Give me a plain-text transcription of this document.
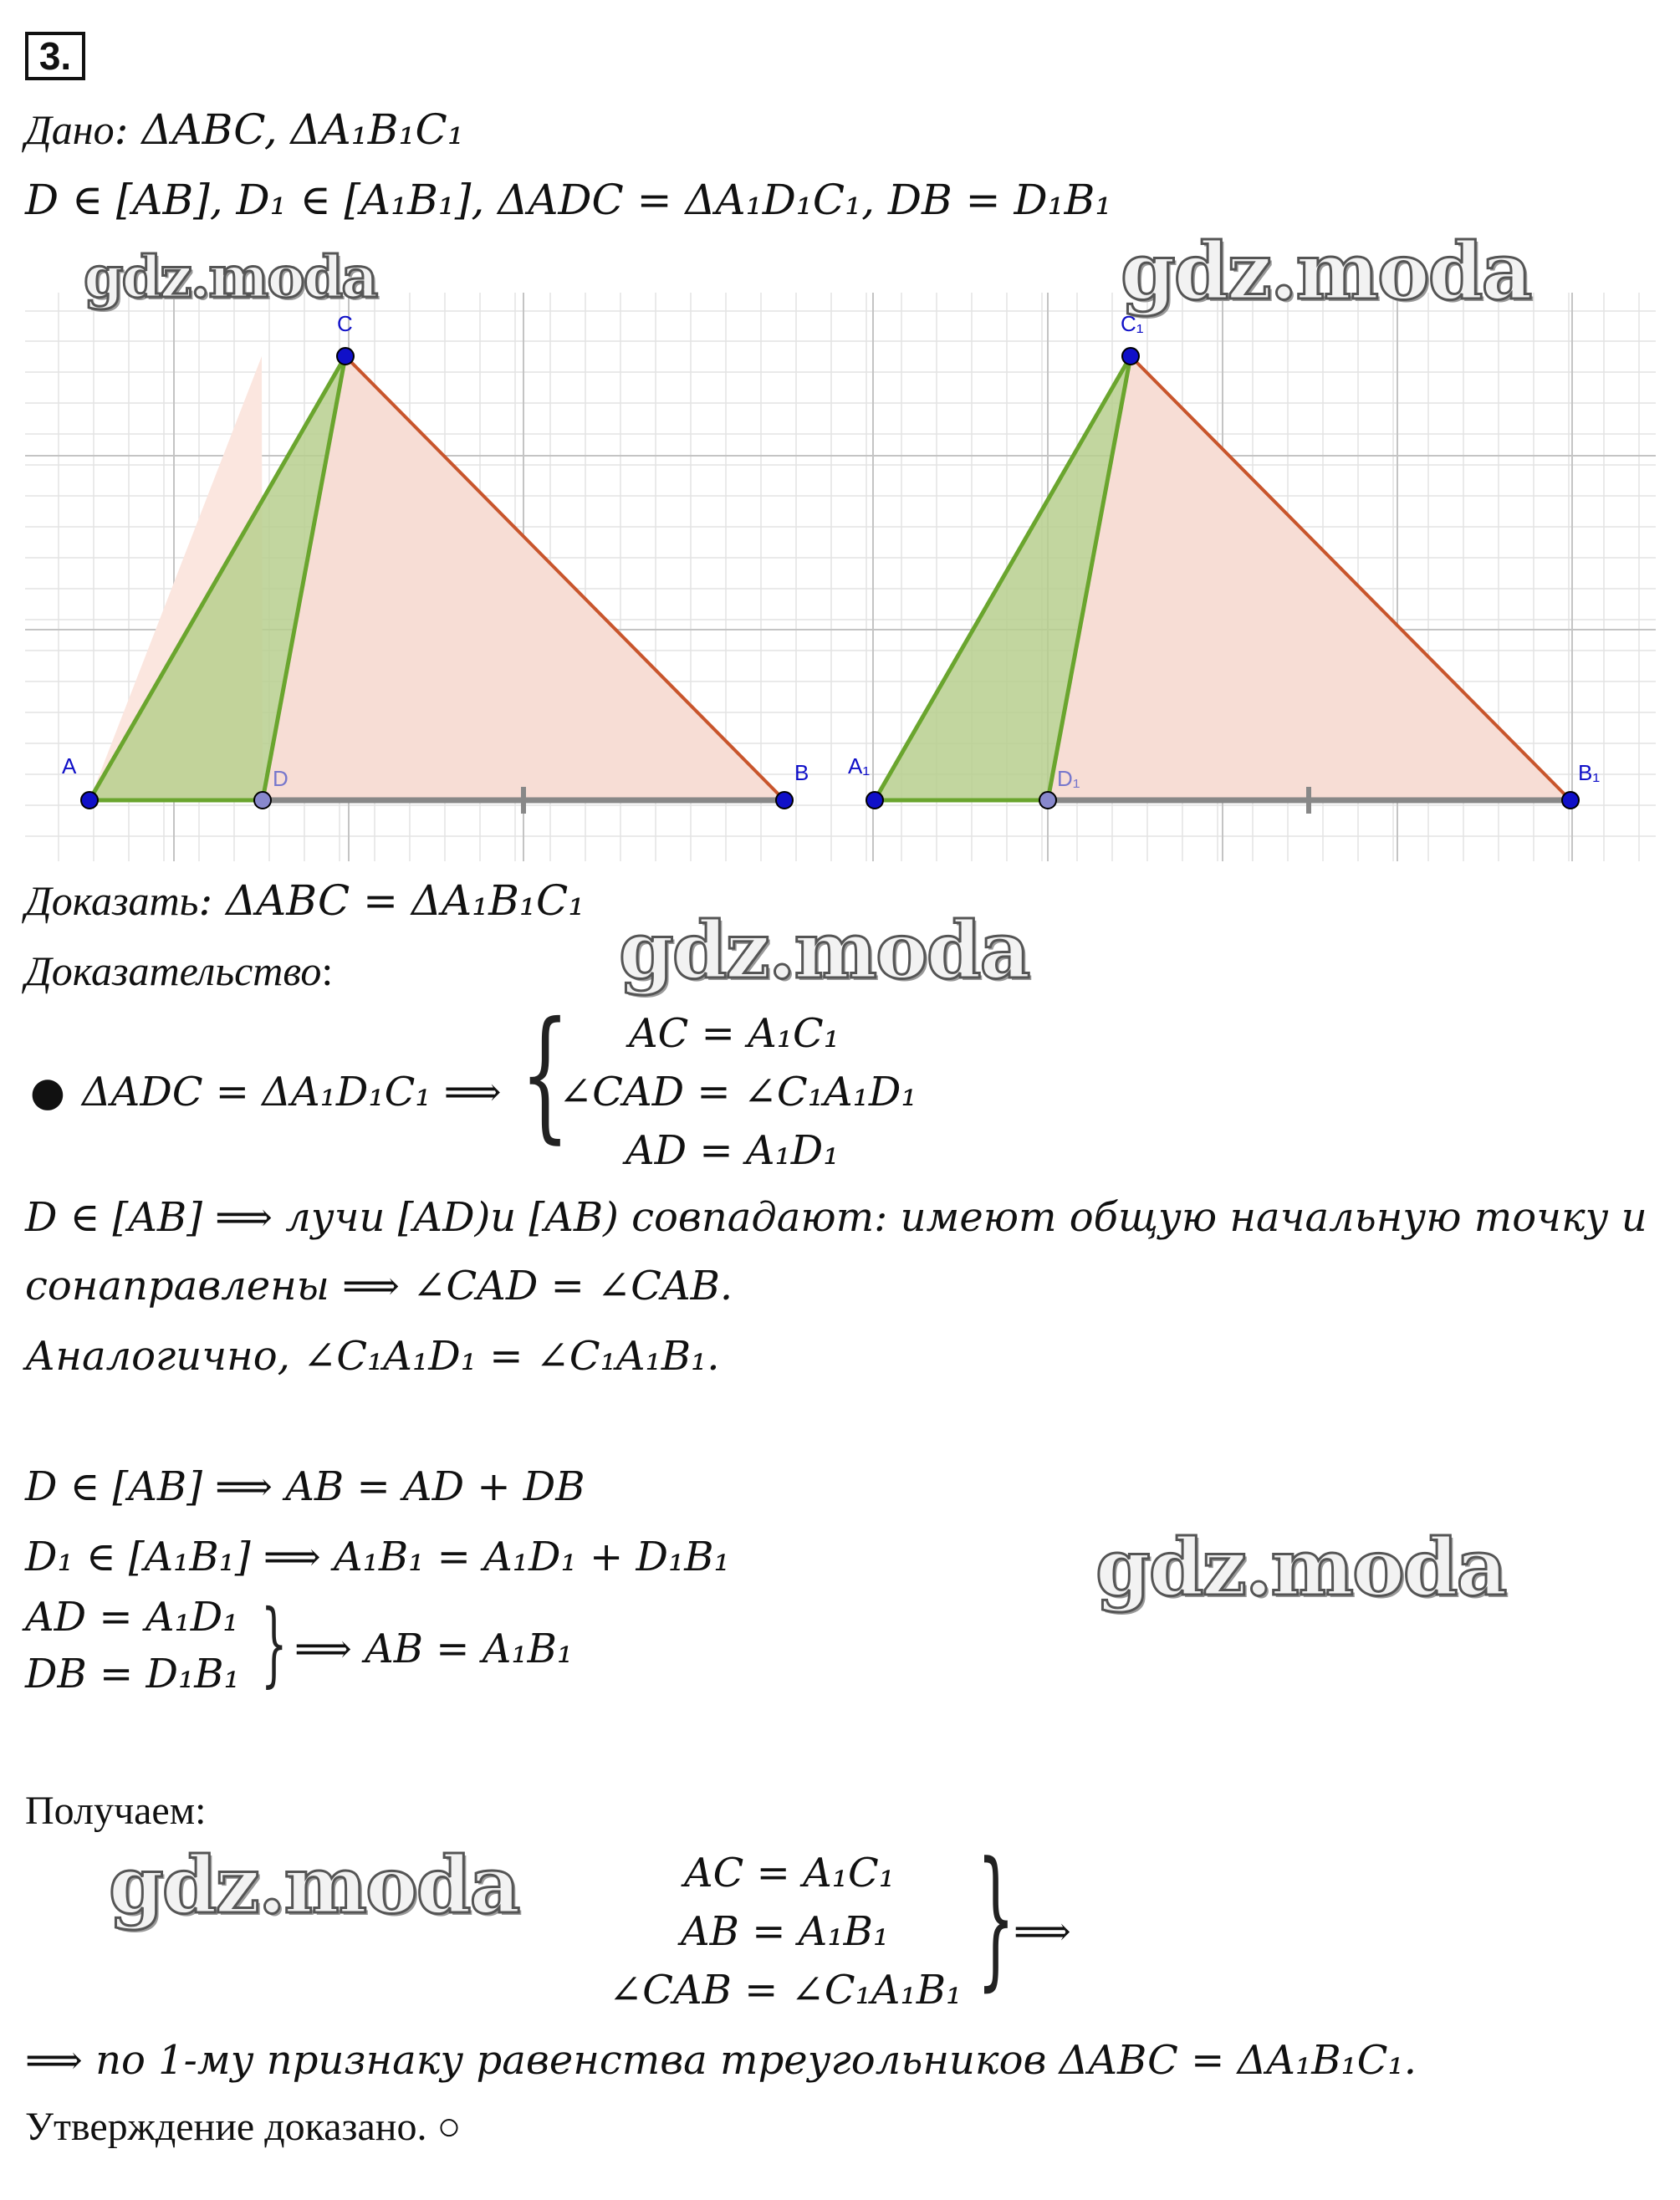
3.
Дано: ΔABC, ΔA₁B₁C₁
D ∈ [AB], D₁ ∈ [A₁B₁], ΔADC = ΔA₁D₁C₁, DB = D₁B₁
A	D	B
C
A₁	D₁	B₁
C₁
gdz.moda	gdz.moda
gdz.moda
gdz.moda
gdz.moda
Доказать: ΔABC = ΔA₁B₁C₁
Доказательство:
● ΔADC = ΔA₁D₁C₁ ⟹ { AC = A₁C₁
∠CAD = ∠C₁A₁D₁
AD = A₁D₁
D ∈ [AB] ⟹ лучи [AD)и [AB) совпадают: имеют общую начальную точку и
сонаправлены ⟹ ∠CAD = ∠CAB.
Аналогично, ∠C₁A₁D₁ = ∠C₁A₁B₁.
D ∈ [AB] ⟹ AB = AD + DB
D₁ ∈ [A₁B₁] ⟹ A₁B₁ = A₁D₁ + D₁B₁
AD = A₁D₁
DB = D₁B₁ } ⟹ AB = A₁B₁
Получаем:
AC = A₁C₁
AB = A₁B₁
∠CAB = ∠C₁A₁B₁ }
⟹
⟹ по 1-му признаку равенства треугольников ΔABC = ΔA₁B₁C₁.
Утверждение доказано. ○
